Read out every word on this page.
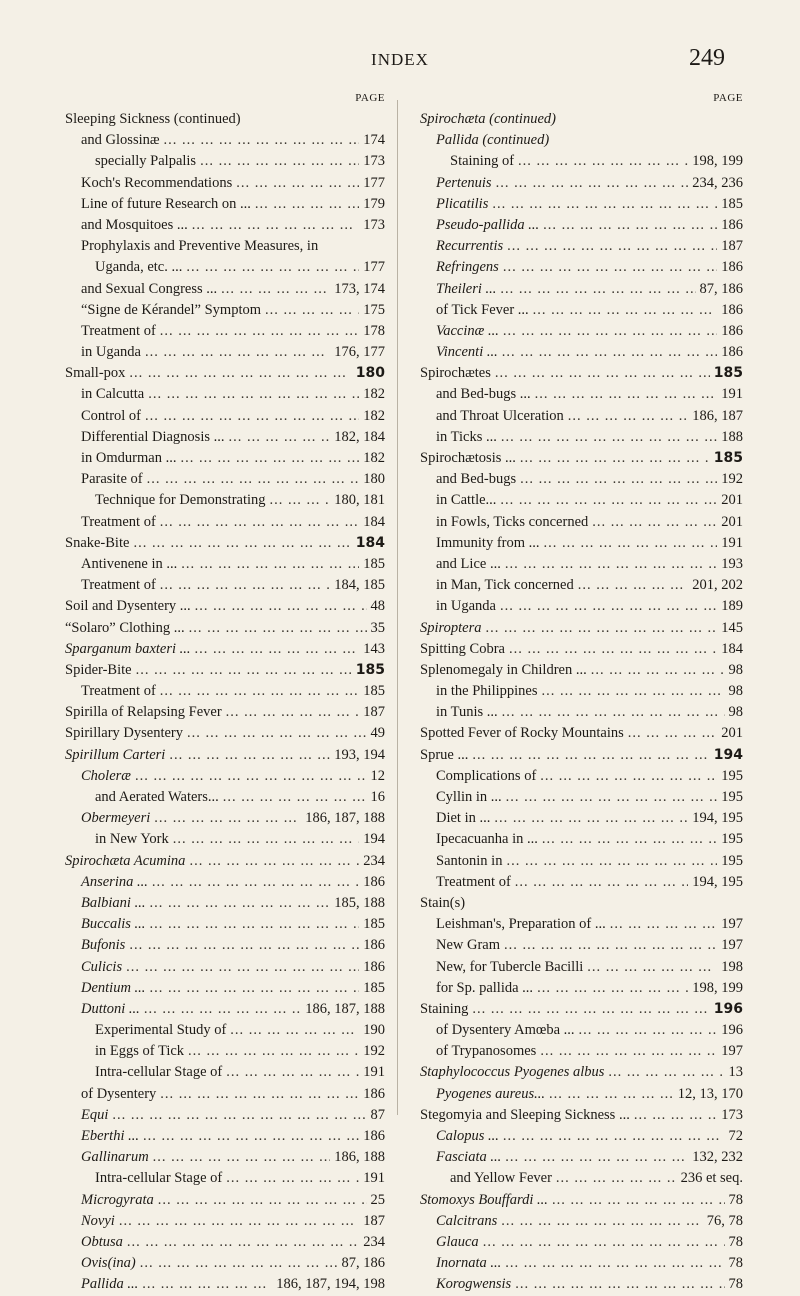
INDEX	249
PAGE
Sleeping Sickness (continued)
and Glossinæ ... .	174
specially Palpalis ... .	173
Koch's Recommendations ... .	177
Line of future Research on ... ... .	179
and Mosquitoes ... ... .	173
Prophylaxis and Preventive Measures, in
Uganda, etc. ... ... .	177
and Sexual Congress ... ... .	173, 174
“Signe de Kérandel” Symptom ... .	175
Treatment of ... .	178
in Uganda ... .	176, 177
Small-pox ... .	180
in Calcutta ... .	182
Control of ... .	182
Differential Diagnosis ... ... .	182, 184
in Omdurman ... ... .	182
Parasite of ... .	180
Technique for Demonstrating ... .	180, 181
Treatment of ... .	184
Snake-Bite ... .	184
Antivenene in ... ... .	185
Treatment of ... .	184, 185
Soil and Dysentery ... ... .	48
“Solaro” Clothing ... ... .	35
Sparganum baxteri ... ... .	143
Spider-Bite ... .	185
Treatment of ... .	185
Spirilla of Relapsing Fever ... .	187
Spirillary Dysentery ... .	49
Spirillum Carteri ... .	193, 194
Choleræ ... .	12
and Aerated Waters... ... .	16
Obermeyeri ... .	186, 187, 188
in New York ... .	194
Spirochæta Acumina ... .	234
Anserina ... ... .	186
Balbiani ... ... .	185, 188
Buccalis ... ... .	185
Bufonis ... .	186
Culicis ... .	186
Dentium ... ... .	185
Duttoni ... ... .	186, 187, 188
Experimental Study of ... .	190
in Eggs of Tick ... .	192
Intra-cellular Stage of ... .	191
of Dysentery ... .	186
Equi ... .	87
Eberthi ... ... .	186
Gallinarum ... .	186, 188
Intra-cellular Stage of ... .	191
Microgyrata ... .	25
Novyi ... .	187
Obtusa ... .	234
Ovis(ina) ... .	87, 186
Pallida ... ... .	186, 187, 194, 198
PAGE
Spirochæta (continued)
Pallida (continued)
Staining of ... .	198, 199
Pertenuis ... .	234, 236
Plicatilis ... .	185
Pseudo-pallida ... ... .	186
Recurrentis ... .	187
Refringens ... .	186
Theileri ... ... .	87, 186
of Tick Fever ... ... .	186
Vaccinæ ... ... .	186
Vincenti ... ... .	186
Spirochætes ... .	185
and Bed-bugs ... ... .	191
and Throat Ulceration ... .	186, 187
in Ticks ... ... .	188
Spirochætosis ... ... .	185
and Bed-bugs ... .	192
in Cattle... ... .	201
in Fowls, Ticks concerned ... .	201
Immunity from ... ... .	191
and Lice ... ... .	193
in Man, Tick concerned ... .	201, 202
in Uganda ... .	189
Spiroptera ... .	145
Spitting Cobra ... .	184
Splenomegaly in Children ... ... .	98
in the Philippines ... .	98
in Tunis ... ... .	98
Spotted Fever of Rocky Mountains ... .	201
Sprue ... ... .	194
Complications of ... .	195
Cyllin in ... ... .	195
Diet in ... ... .	194, 195
Ipecacuanha in ... ... .	195
Santonin in ... .	195
Treatment of ... .	194, 195
Stain(s)
Leishman's, Preparation of ... ... .	197
New Gram ... .	197
New, for Tubercle Bacilli ... .	198
for Sp. pallida ... ... .	198, 199
Staining ... .	196
of Dysentery Amœba ... ... .	196
of Trypanosomes ... .	197
Staphylococcus Pyogenes albus ... .	13
Pyogenes aureus... ... .	12, 13, 170
Stegomyia and Sleeping Sickness ... ... .	173
Calopus ... ... .	72
Fasciata ... ... .	132, 232
and Yellow Fever ... .	236 et seq.
Stomoxys Bouffardi ... ... .	78
Calcitrans ... .	76, 78
Glauca ... .	78
Inornata ... ... .	78
Korogwensis ... .	78
